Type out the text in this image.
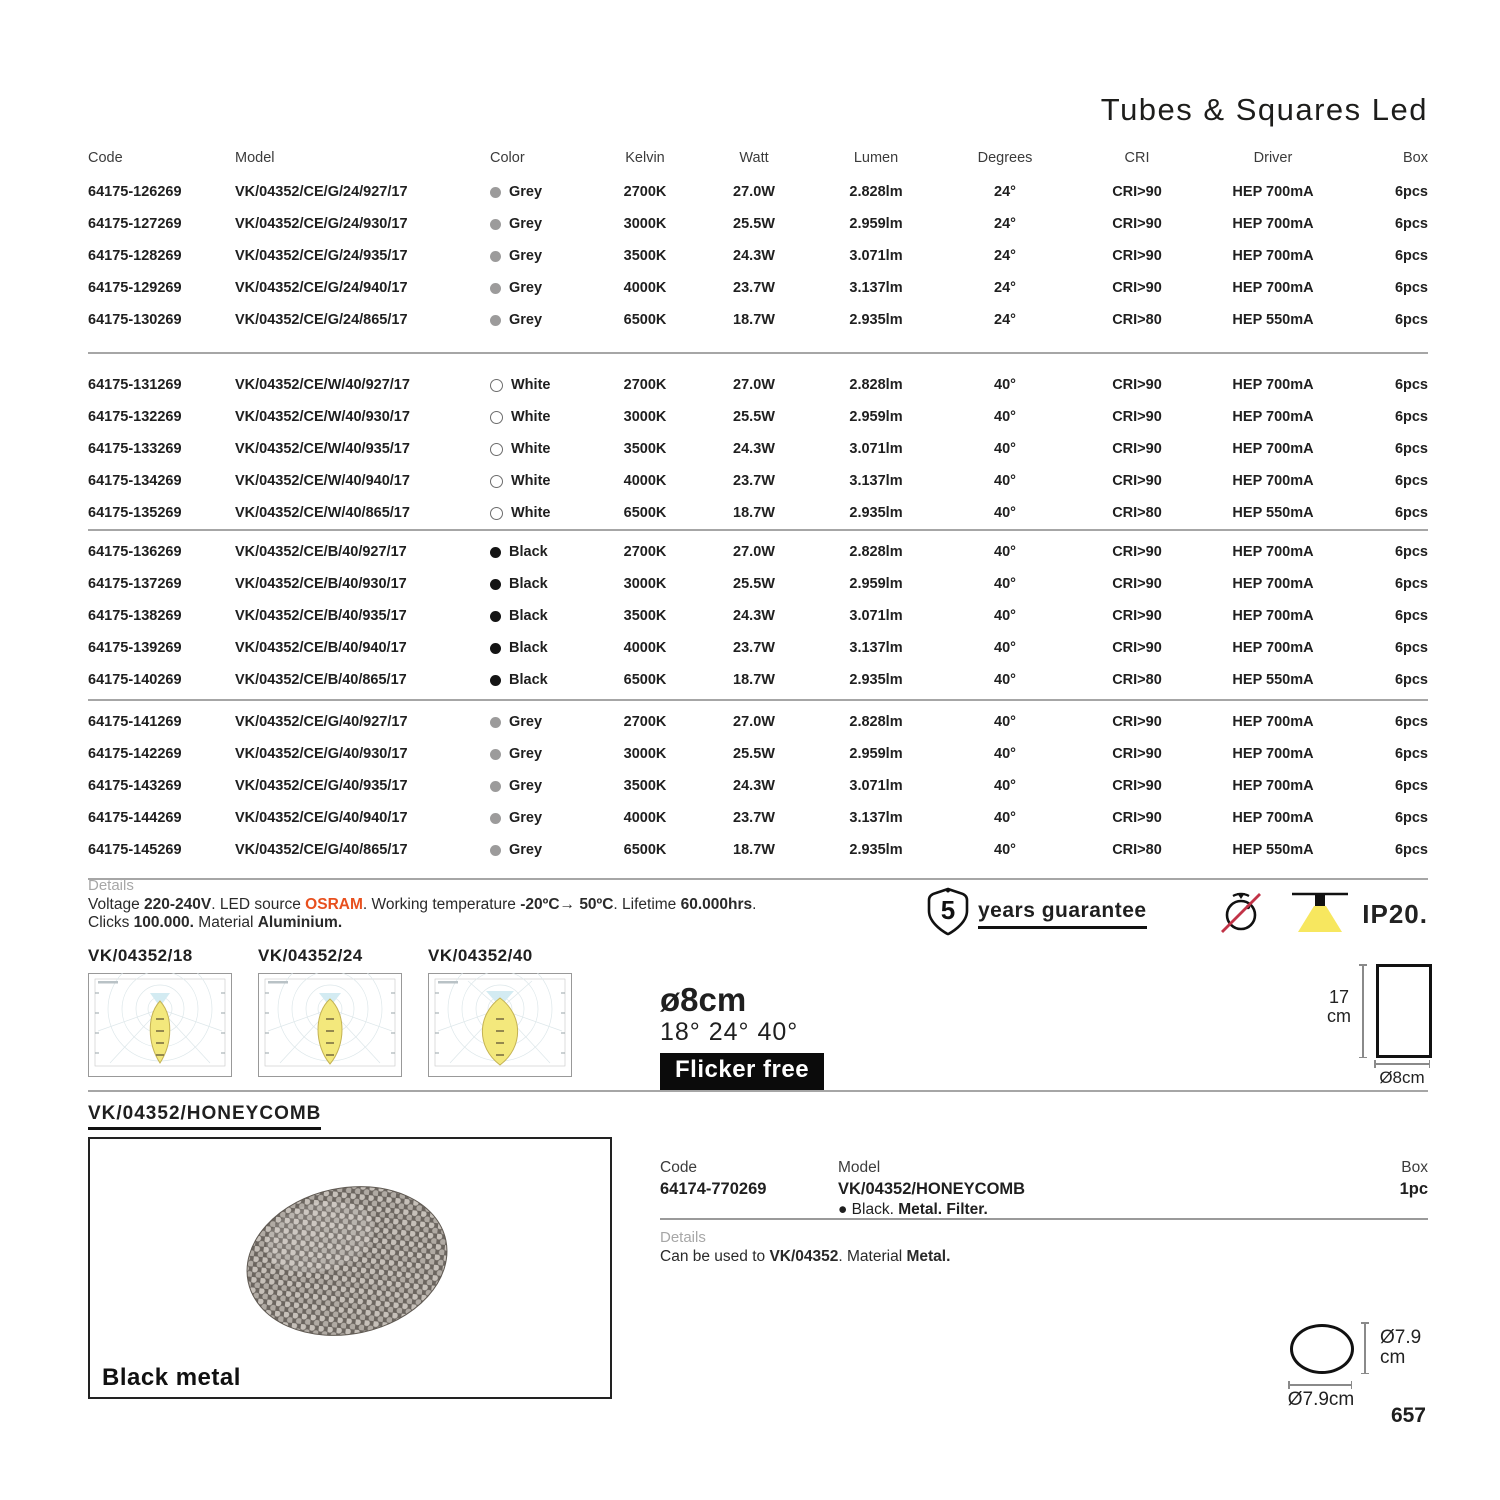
Tubes & Squares Led
Code	Model	Color	Kelvin	Watt	Lumen	Degrees	CRI	Driver	Box
64175-126269	VK/04352/CE/G/24/927/17	Grey	2700K	27.0W	2.828lm	24°	CRI>90	HEP 700mA	6pcs
64175-127269	VK/04352/CE/G/24/930/17	Grey	3000K	25.5W	2.959lm	24°	CRI>90	HEP 700mA	6pcs
64175-128269	VK/04352/CE/G/24/935/17	Grey	3500K	24.3W	3.071lm	24°	CRI>90	HEP 700mA	6pcs
64175-129269	VK/04352/CE/G/24/940/17	Grey	4000K	23.7W	3.137lm	24°	CRI>90	HEP 700mA	6pcs
64175-130269	VK/04352/CE/G/24/865/17	Grey	6500K	18.7W	2.935lm	24°	CRI>80	HEP 550mA	6pcs
64175-131269	VK/04352/CE/W/40/927/17	White	2700K	27.0W	2.828lm	40°	CRI>90	HEP 700mA	6pcs
64175-132269	VK/04352/CE/W/40/930/17	White	3000K	25.5W	2.959lm	40°	CRI>90	HEP 700mA	6pcs
64175-133269	VK/04352/CE/W/40/935/17	White	3500K	24.3W	3.071lm	40°	CRI>90	HEP 700mA	6pcs
64175-134269	VK/04352/CE/W/40/940/17	White	4000K	23.7W	3.137lm	40°	CRI>90	HEP 700mA	6pcs
64175-135269	VK/04352/CE/W/40/865/17	White	6500K	18.7W	2.935lm	40°	CRI>80	HEP 550mA	6pcs
64175-136269	VK/04352/CE/B/40/927/17	Black	2700K	27.0W	2.828lm	40°	CRI>90	HEP 700mA	6pcs
64175-137269	VK/04352/CE/B/40/930/17	Black	3000K	25.5W	2.959lm	40°	CRI>90	HEP 700mA	6pcs
64175-138269	VK/04352/CE/B/40/935/17	Black	3500K	24.3W	3.071lm	40°	CRI>90	HEP 700mA	6pcs
64175-139269	VK/04352/CE/B/40/940/17	Black	4000K	23.7W	3.137lm	40°	CRI>90	HEP 700mA	6pcs
64175-140269	VK/04352/CE/B/40/865/17	Black	6500K	18.7W	2.935lm	40°	CRI>80	HEP 550mA	6pcs
64175-141269	VK/04352/CE/G/40/927/17	Grey	2700K	27.0W	2.828lm	40°	CRI>90	HEP 700mA	6pcs
64175-142269	VK/04352/CE/G/40/930/17	Grey	3000K	25.5W	2.959lm	40°	CRI>90	HEP 700mA	6pcs
64175-143269	VK/04352/CE/G/40/935/17	Grey	3500K	24.3W	3.071lm	40°	CRI>90	HEP 700mA	6pcs
64175-144269	VK/04352/CE/G/40/940/17	Grey	4000K	23.7W	3.137lm	40°	CRI>90	HEP 700mA	6pcs
64175-145269	VK/04352/CE/G/40/865/17	Grey	6500K	18.7W	2.935lm	40°	CRI>80	HEP 550mA	6pcs
Details
Voltage 220-240V. LED source OSRAM. Working temperature -20ºC→ 50ºC. Lifetime 60.000hrs.
Clicks 100.000. Material Aluminium.	5 years guarantee	IP20.
VK/04352/18	VK/04352/24	VK/04352/40
ø8cm
18° 24° 40°
Flicker free
17
cm
Ø8cm
VK/04352/HONEYCOMB
Black metal
Code
64174-770269
Model
VK/04352/HONEYCOMB
● Black. Metal. Filter.
Box
1pc
Details
Can be used to VK/04352. Material Metal.
Ø7.9
cm
Ø7.9cm
657
